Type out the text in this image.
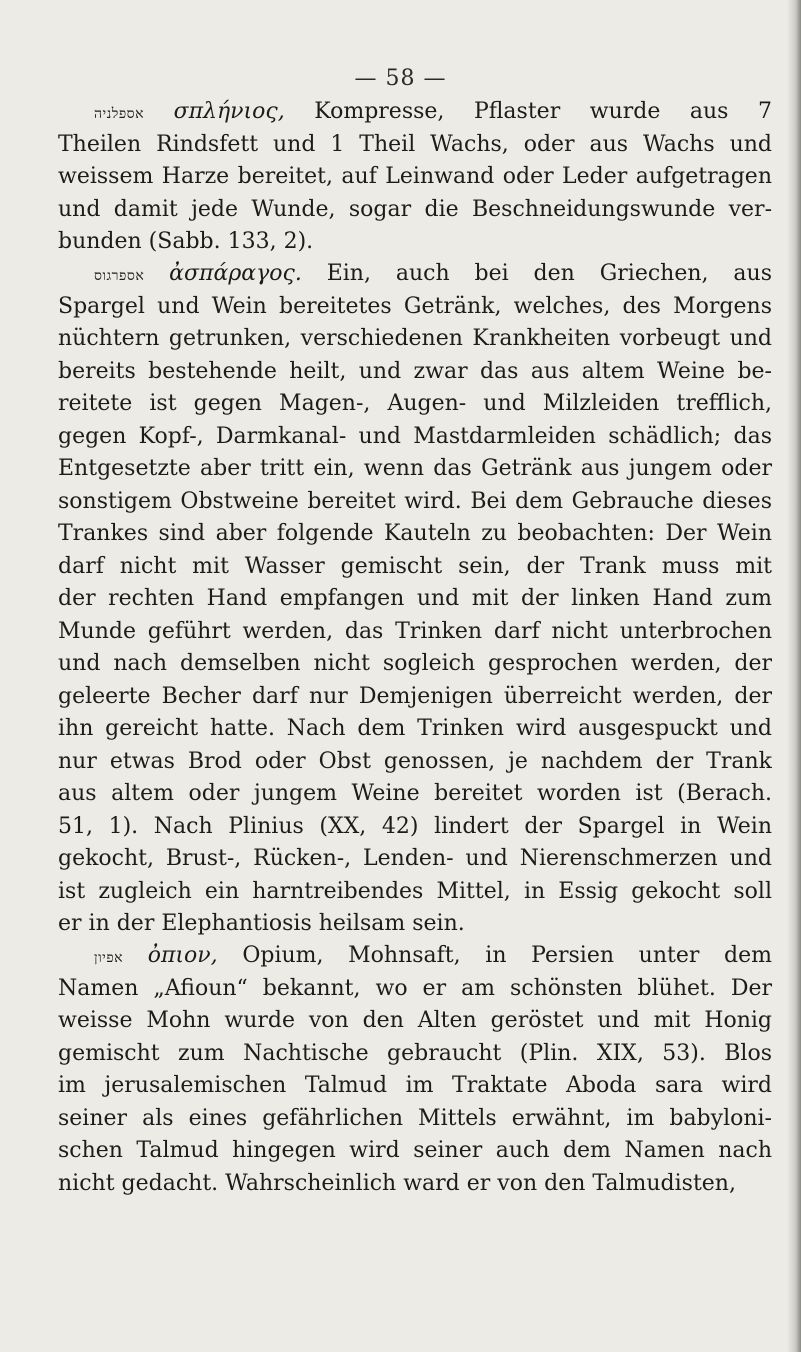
— 58 —
אספלניה σπλήνιος, Kompresse, Pflaster wurde aus 7
Theilen Rindsfett und 1 Theil Wachs, oder aus Wachs und
weissem Harze bereitet, auf Leinwand oder Leder aufgetragen
und damit jede Wunde, sogar die Beschneidungswunde ver-
bunden (Sabb. 133, 2).
אספרגוס ἀσπάραγος. Ein, auch bei den Griechen, aus
Spargel und Wein bereitetes Getränk, welches, des Morgens
nüchtern getrunken, verschiedenen Krankheiten vorbeugt und
bereits bestehende heilt, und zwar das aus altem Weine be-
reitete ist gegen Magen-, Augen- und Milzleiden trefflich,
gegen Kopf-, Darmkanal- und Mastdarmleiden schädlich; das
Entgesetzte aber tritt ein, wenn das Getränk aus jungem oder
sonstigem Obstweine bereitet wird. Bei dem Gebrauche dieses
Trankes sind aber folgende Kauteln zu beobachten: Der Wein
darf nicht mit Wasser gemischt sein, der Trank muss mit
der rechten Hand empfangen und mit der linken Hand zum
Munde geführt werden, das Trinken darf nicht unterbrochen
und nach demselben nicht sogleich gesprochen werden, der
geleerte Becher darf nur Demjenigen überreicht werden, der
ihn gereicht hatte. Nach dem Trinken wird ausgespuckt und
nur etwas Brod oder Obst genossen, je nachdem der Trank
aus altem oder jungem Weine bereitet worden ist (Berach.
51, 1). Nach Plinius (XX, 42) lindert der Spargel in Wein
gekocht, Brust-, Rücken-, Lenden- und Nierenschmerzen und
ist zugleich ein harntreibendes Mittel, in Essig gekocht soll
er in der Elephantiosis heilsam sein.
אפיון ὀπιον, Opium, Mohnsaft, in Persien unter dem
Namen „Afioun“ bekannt, wo er am schönsten blühet. Der
weisse Mohn wurde von den Alten geröstet und mit Honig
gemischt zum Nachtische gebraucht (Plin. XIX, 53). Blos
im jerusalemischen Talmud im Traktate Aboda sara wird
seiner als eines gefährlichen Mittels erwähnt, im babyloni-
schen Talmud hingegen wird seiner auch dem Namen nach
nicht gedacht. Wahrscheinlich ward er von den Talmudisten,
